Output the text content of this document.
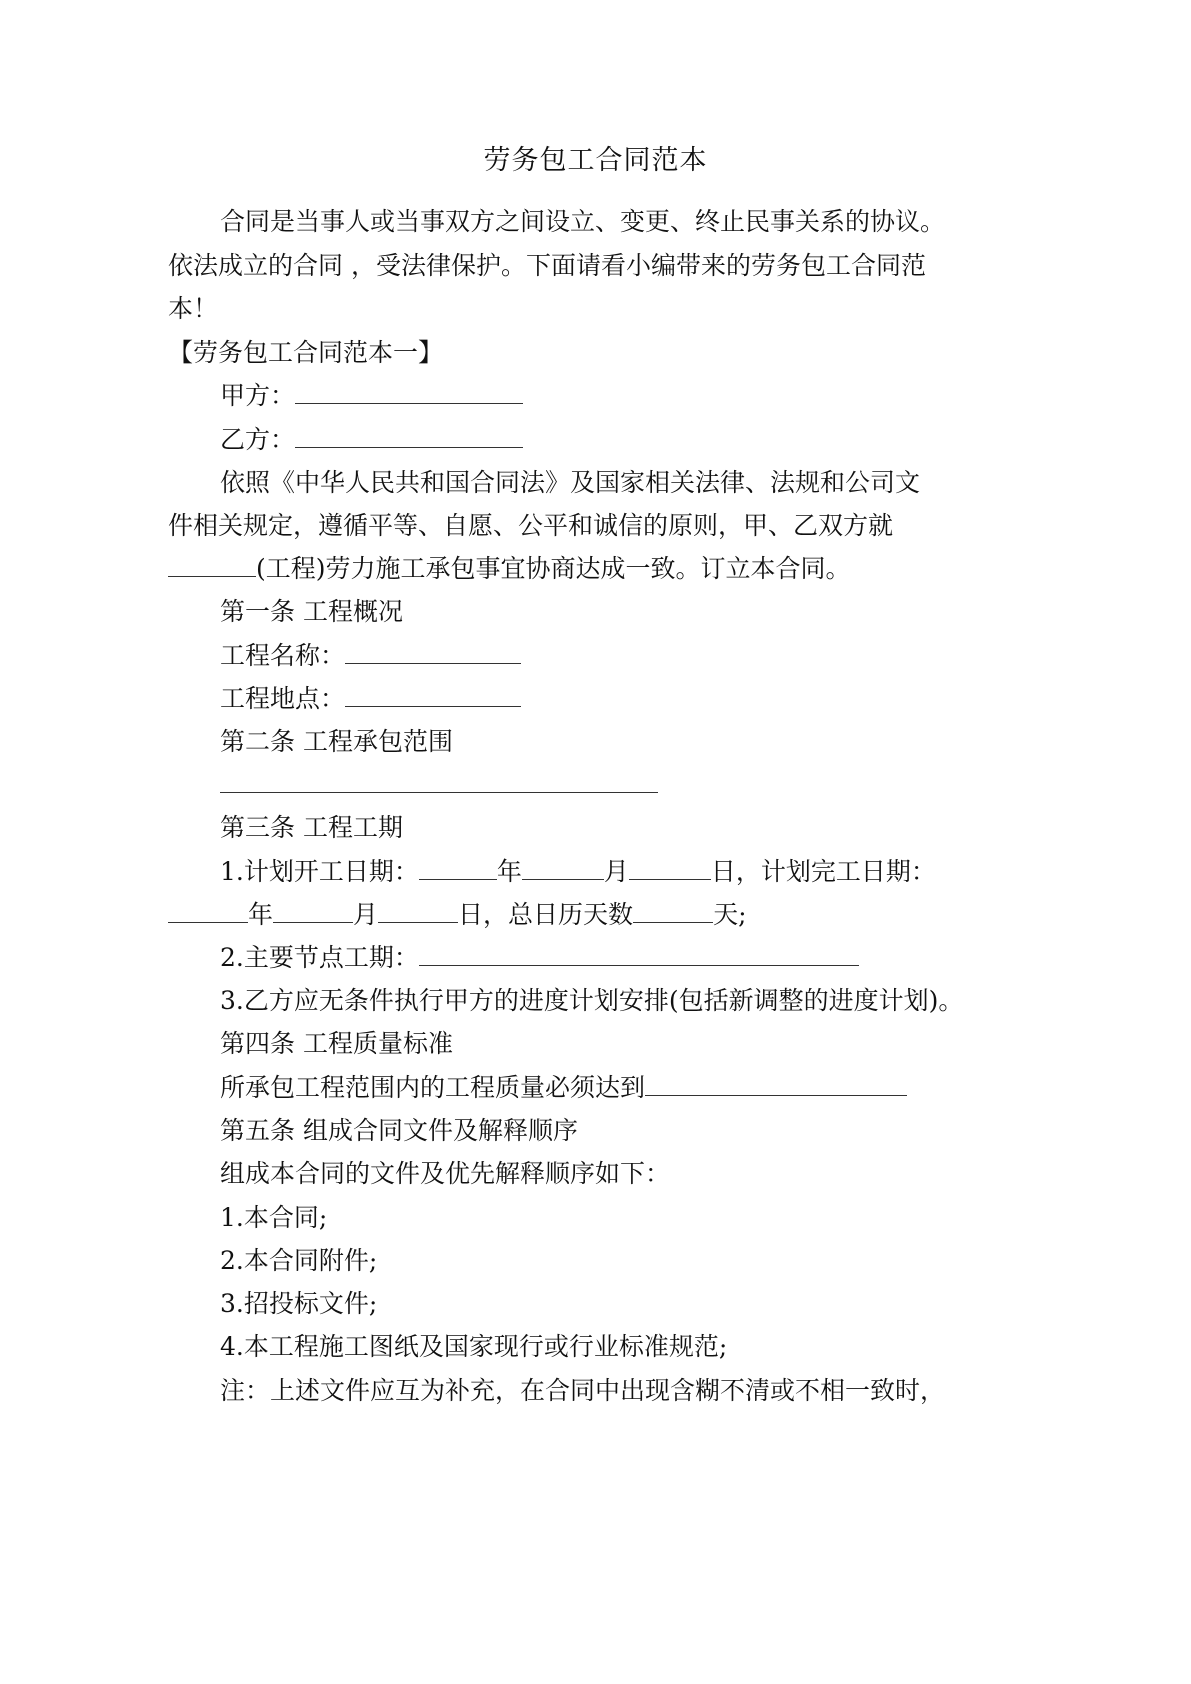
劳务包工合同范本
合同是当事人或当事双方之间设立、变更、终止民事关系的协议。
依法成立的合同 ，受法律保护。下面请看小编带来的劳务包工合同范
本！
【劳务包工合同范本一】
甲方：
乙方：
依照《中华人民共和国合同法》及国家相关法律、法规和公司文
件相关规定，遵循平等、自愿、公平和诚信的原则，甲、乙双方就
(工程)劳力施工承包事宜协商达成一致。订立本合同。
第一条 工程概况
工程名称：
工程地点：
第二条 工程承包范围
第三条 工程工期
1.计划开工日期：	年	月	日，计划完工日期：
年	月	日，总日历天数	天;
2.主要节点工期：
3.乙方应无条件执行甲方的进度计划安排(包括新调整的进度计划)。
第四条 工程质量标准
所承包工程范围内的工程质量必须达到
第五条 组成合同文件及解释顺序
组成本合同的文件及优先解释顺序如下：
1.本合同;
2.本合同附件;
3.招投标文件;
4.本工程施工图纸及国家现行或行业标准规范;
注：上述文件应互为补充，在合同中出现含糊不清或不相一致时，
